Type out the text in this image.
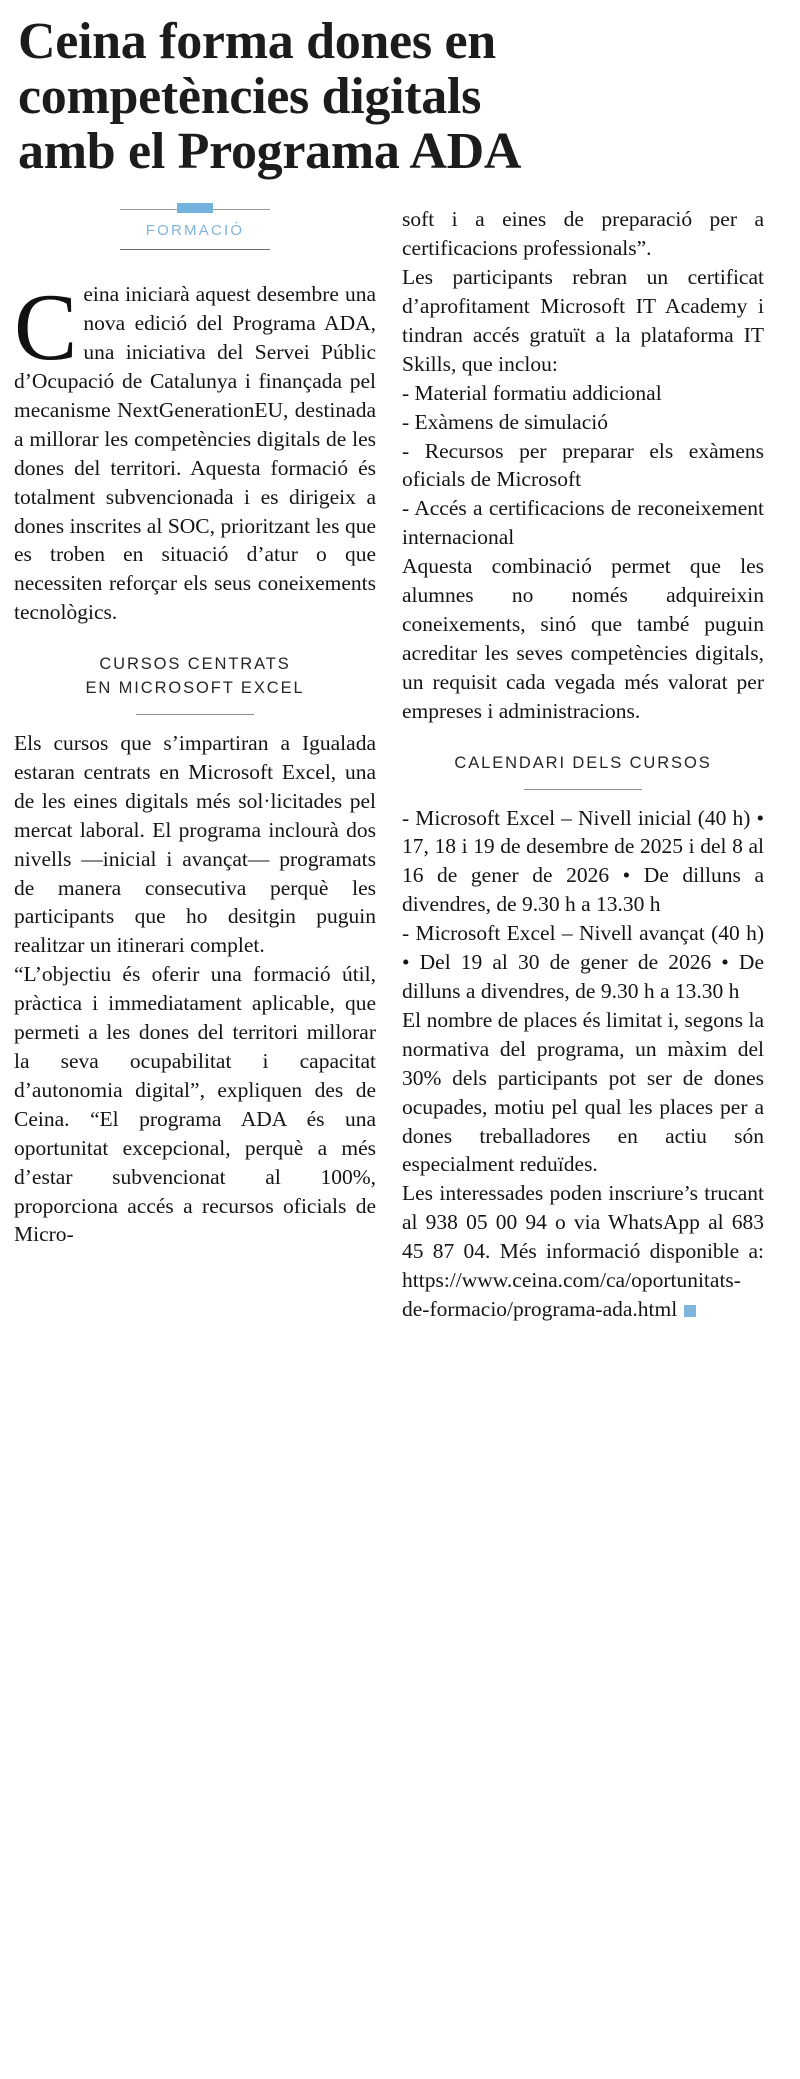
Ceina forma dones en
competències digitals
amb el Programa ADA
FORMACIÓ

Ceina iniciarà aquest desembre una nova edició del Programa ADA, una iniciativa del Servei Públic d’Ocupació de Catalunya i finançada pel mecanisme NextGenerationEU, destinada a millorar les competències digitals de les dones del territori. Aquesta formació és totalment subvencionada i es dirigeix a dones inscrites al SOC, prioritzant les que es troben en situació d’atur o que necessiten reforçar els seus coneixements tecnològics.

CURSOS CENTRATS
EN MICROSOFT EXCEL

Els cursos que s’impartiran a Igualada estaran centrats en Microsoft Excel, una de les eines digitals més sol·licitades pel mercat laboral. El programa inclourà dos nivells —inicial i avançat— programats de manera consecutiva perquè les participants que ho desitgin puguin realitzar un itinerari complet.

“L’objectiu és oferir una formació útil, pràctica i immediatament aplicable, que permeti a les dones del territori millorar la seva ocupabilitat i capacitat d’autonomia digital”, expliquen des de Ceina. “El programa ADA és una oportunitat excepcional, perquè a més d’estar subvencionat al 100%, proporciona accés a recursos oficials de Micro-

soft i a eines de preparació per a certificacions professionals”.

Les participants rebran un certificat d’aprofitament Microsoft IT Academy i tindran accés gratuït a la plataforma IT Skills, que inclou:

- Material formatiu addicional

- Exàmens de simulació

- Recursos per preparar els exàmens oficials de Microsoft

- Accés a certificacions de reconeixement internacional

Aquesta combinació permet que les alumnes no només adquireixin coneixements, sinó que també puguin acreditar les seves competències digitals, un requisit cada vegada més valorat per empreses i administracions.

CALENDARI DELS CURSOS

- Microsoft Excel – Nivell inicial (40 h) • 17, 18 i 19 de desembre de 2025 i del 8 al 16 de gener de 2026 • De dilluns a divendres, de 9.30 h a 13.30 h

- Microsoft Excel – Nivell avançat (40 h) • Del 19 al 30 de gener de 2026 • De dilluns a divendres, de 9.30 h a 13.30 h

El nombre de places és limitat i, segons la normativa del programa, un màxim del 30% dels participants pot ser de dones ocupades, motiu pel qual les places per a dones treballadores en actiu són especialment reduïdes.

Les interessades poden inscriure’s trucant al 938 05 00 94 o via WhatsApp al 683 45 87 04. Més informació disponible a: https://www.ceina.com/ca/oportunitats-de-formacio/programa-ada.html
